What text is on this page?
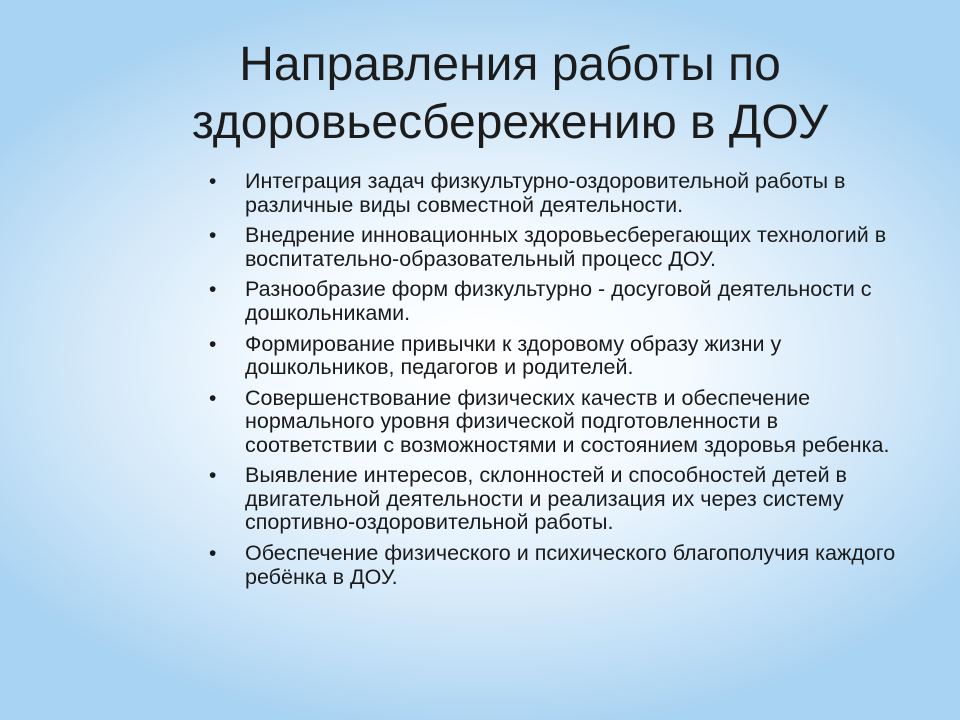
Направления работы по здоровьесбережению в ДОУ
• Интеграция задач физкультурно-оздоровительной работы в различные виды совместной деятельности.
• Внедрение инновационных здоровьесберегающих технологий в воспитательно-образовательный процесс ДОУ.
• Разнообразие форм физкультурно - досуговой деятельности с дошкольниками.
• Формирование привычки к здоровому образу жизни у дошкольников, педагогов и родителей.
• Совершенствование физических качеств и обеспечение нормального уровня физической подготовленности в соответствии с возможностями и состоянием здоровья ребенка.
• Выявление интересов, склонностей и способностей детей в двигательной деятельности и реализация их через систему спортивно-оздоровительной работы.
• Обеспечение физического и психического благополучия каждого ребёнка в ДОУ.
